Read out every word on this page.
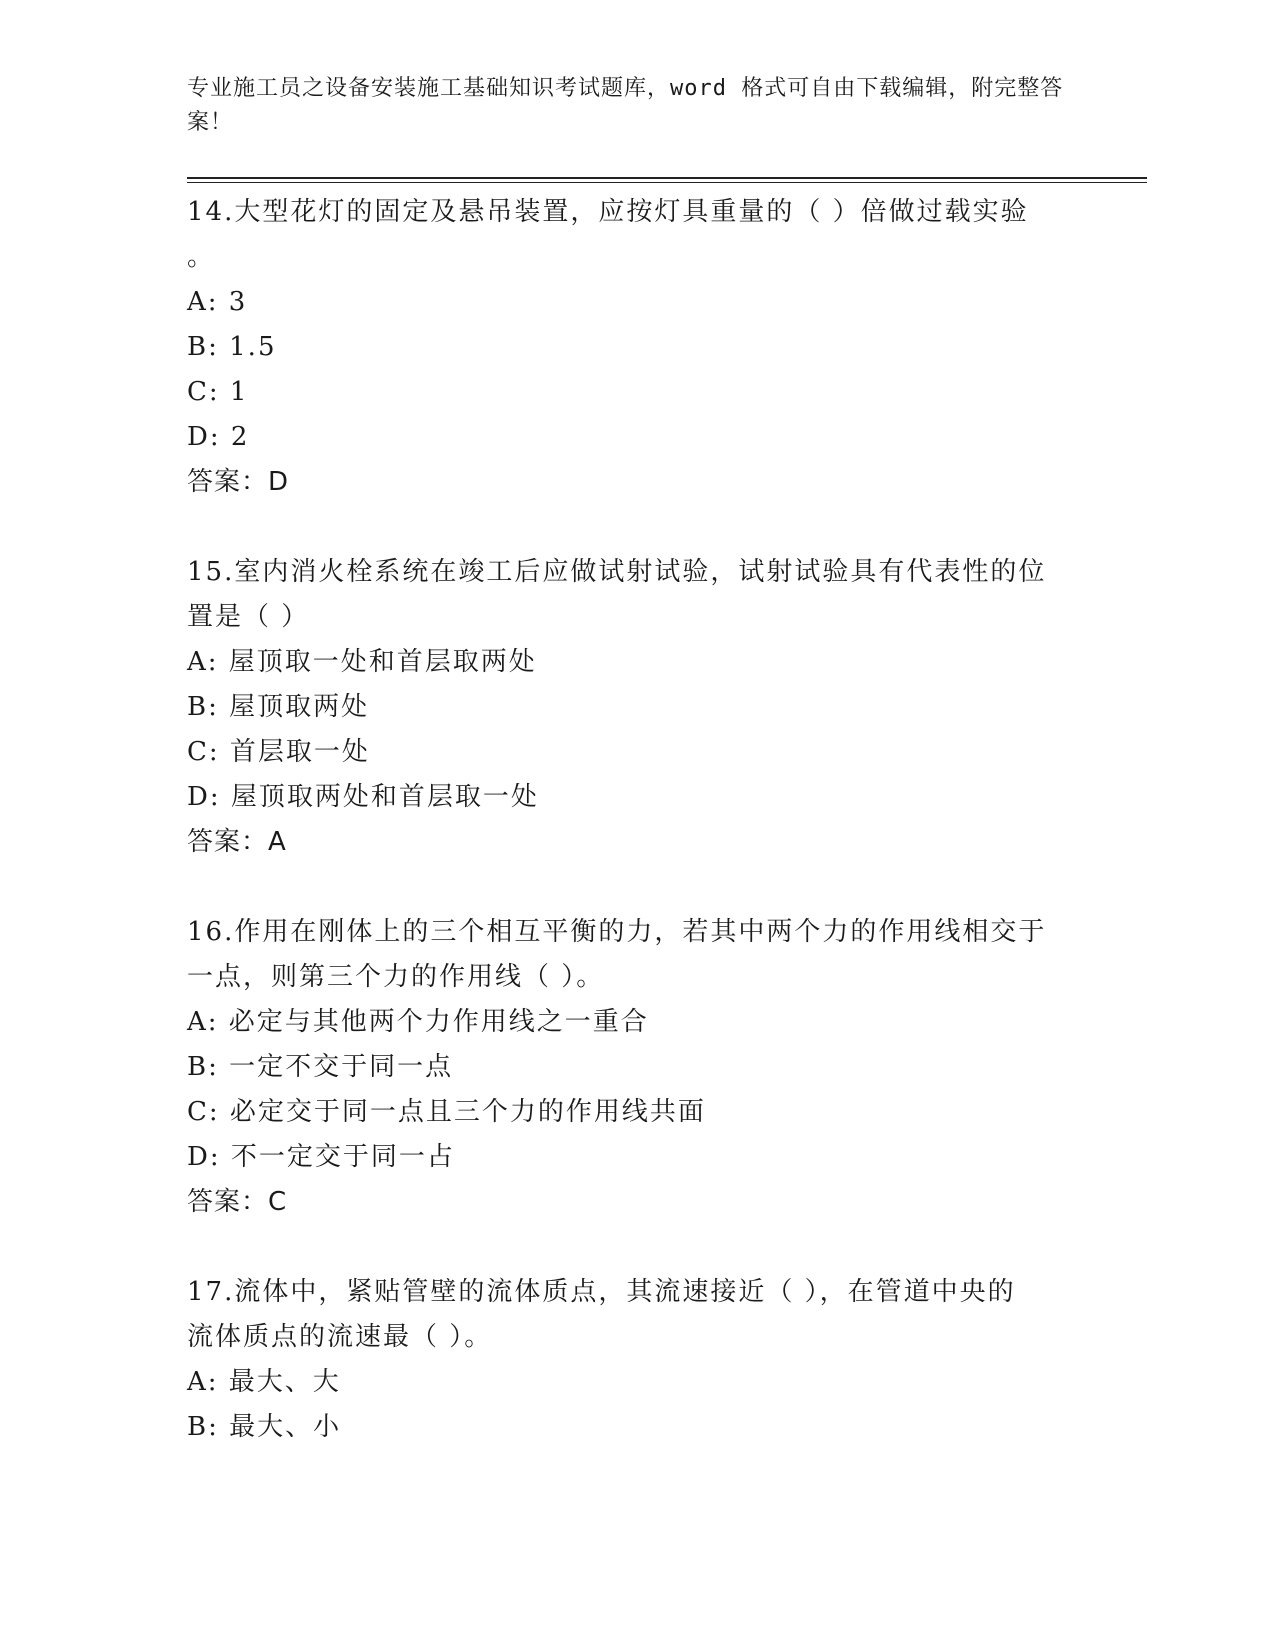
专业施工员之设备安装施工基础知识考试题库，word 格式可自由下载编辑，附完整答案！

14.大型花灯的固定及悬吊装置，应按灯具重量的（ ）倍做过载实验

。

A: 3

B: 1.5

C: 1

D: 2

答案：D

15.室内消火栓系统在竣工后应做试射试验，试射试验具有代表性的位

置是（ ）

A: 屋顶取一处和首层取两处

B: 屋顶取两处

C: 首层取一处

D: 屋顶取两处和首层取一处

答案：A

16.作用在刚体上的三个相互平衡的力，若其中两个力的作用线相交于

一点，则第三个力的作用线（ ）。

A: 必定与其他两个力作用线之一重合

B: 一定不交于同一点

C: 必定交于同一点且三个力的作用线共面

D: 不一定交于同一占

答案：C

17.流体中，紧贴管壁的流体质点，其流速接近（ ），在管道中央的

流体质点的流速最（ ）。

A: 最大、大

B: 最大、小
